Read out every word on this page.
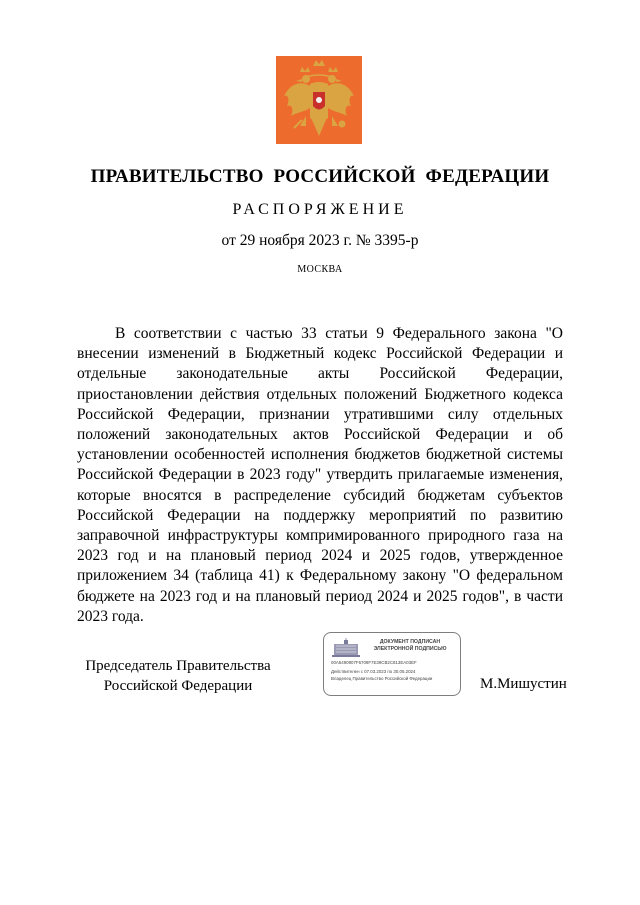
ПРАВИТЕЛЬСТВО РОССИЙСКОЙ ФЕДЕРАЦИИ
РАСПОРЯЖЕНИЕ
от 29 ноября 2023 г. № 3395-р
МОСКВА

В соответствии с частью 33 статьи 9 Федерального закона "О внесении изменений в Бюджетный кодекс Российской Федерации и отдельные законодательные акты Российской Федерации, приостановлении действия отдельных положений Бюджетного кодекса Российской Федерации, признании утратившими силу отдельных положений законодательных актов Российской Федерации и об установлении особенностей исполнения бюджетов бюджетной системы Российской Федерации в 2023 году" утвердить прилагаемые изменения, которые вносятся в распределение субсидий бюджетам субъектов Российской Федерации на поддержку мероприятий по развитию заправочной инфраструктуры компримированного природного газа на 2023 год и на плановый период 2024 и 2025 годов, утвержденное приложением 34 (таблица 41) к Федеральному закону "О федеральном бюджете на 2023 год и на плановый период 2024 и 2025 годов", в части 2023 года.

Председатель Правительства
Российской Федерации
ДОКУМЕНТ ПОДПИСАН
ЭЛЕКТРОННОЙ ПОДПИСЬЮ
00A5490907F6709F7E39CB2C813EA03EF
Действителен с 07.03.2023 по 30.05.2024
Владелец Правительство Российской Федерации	М.Мишустин
